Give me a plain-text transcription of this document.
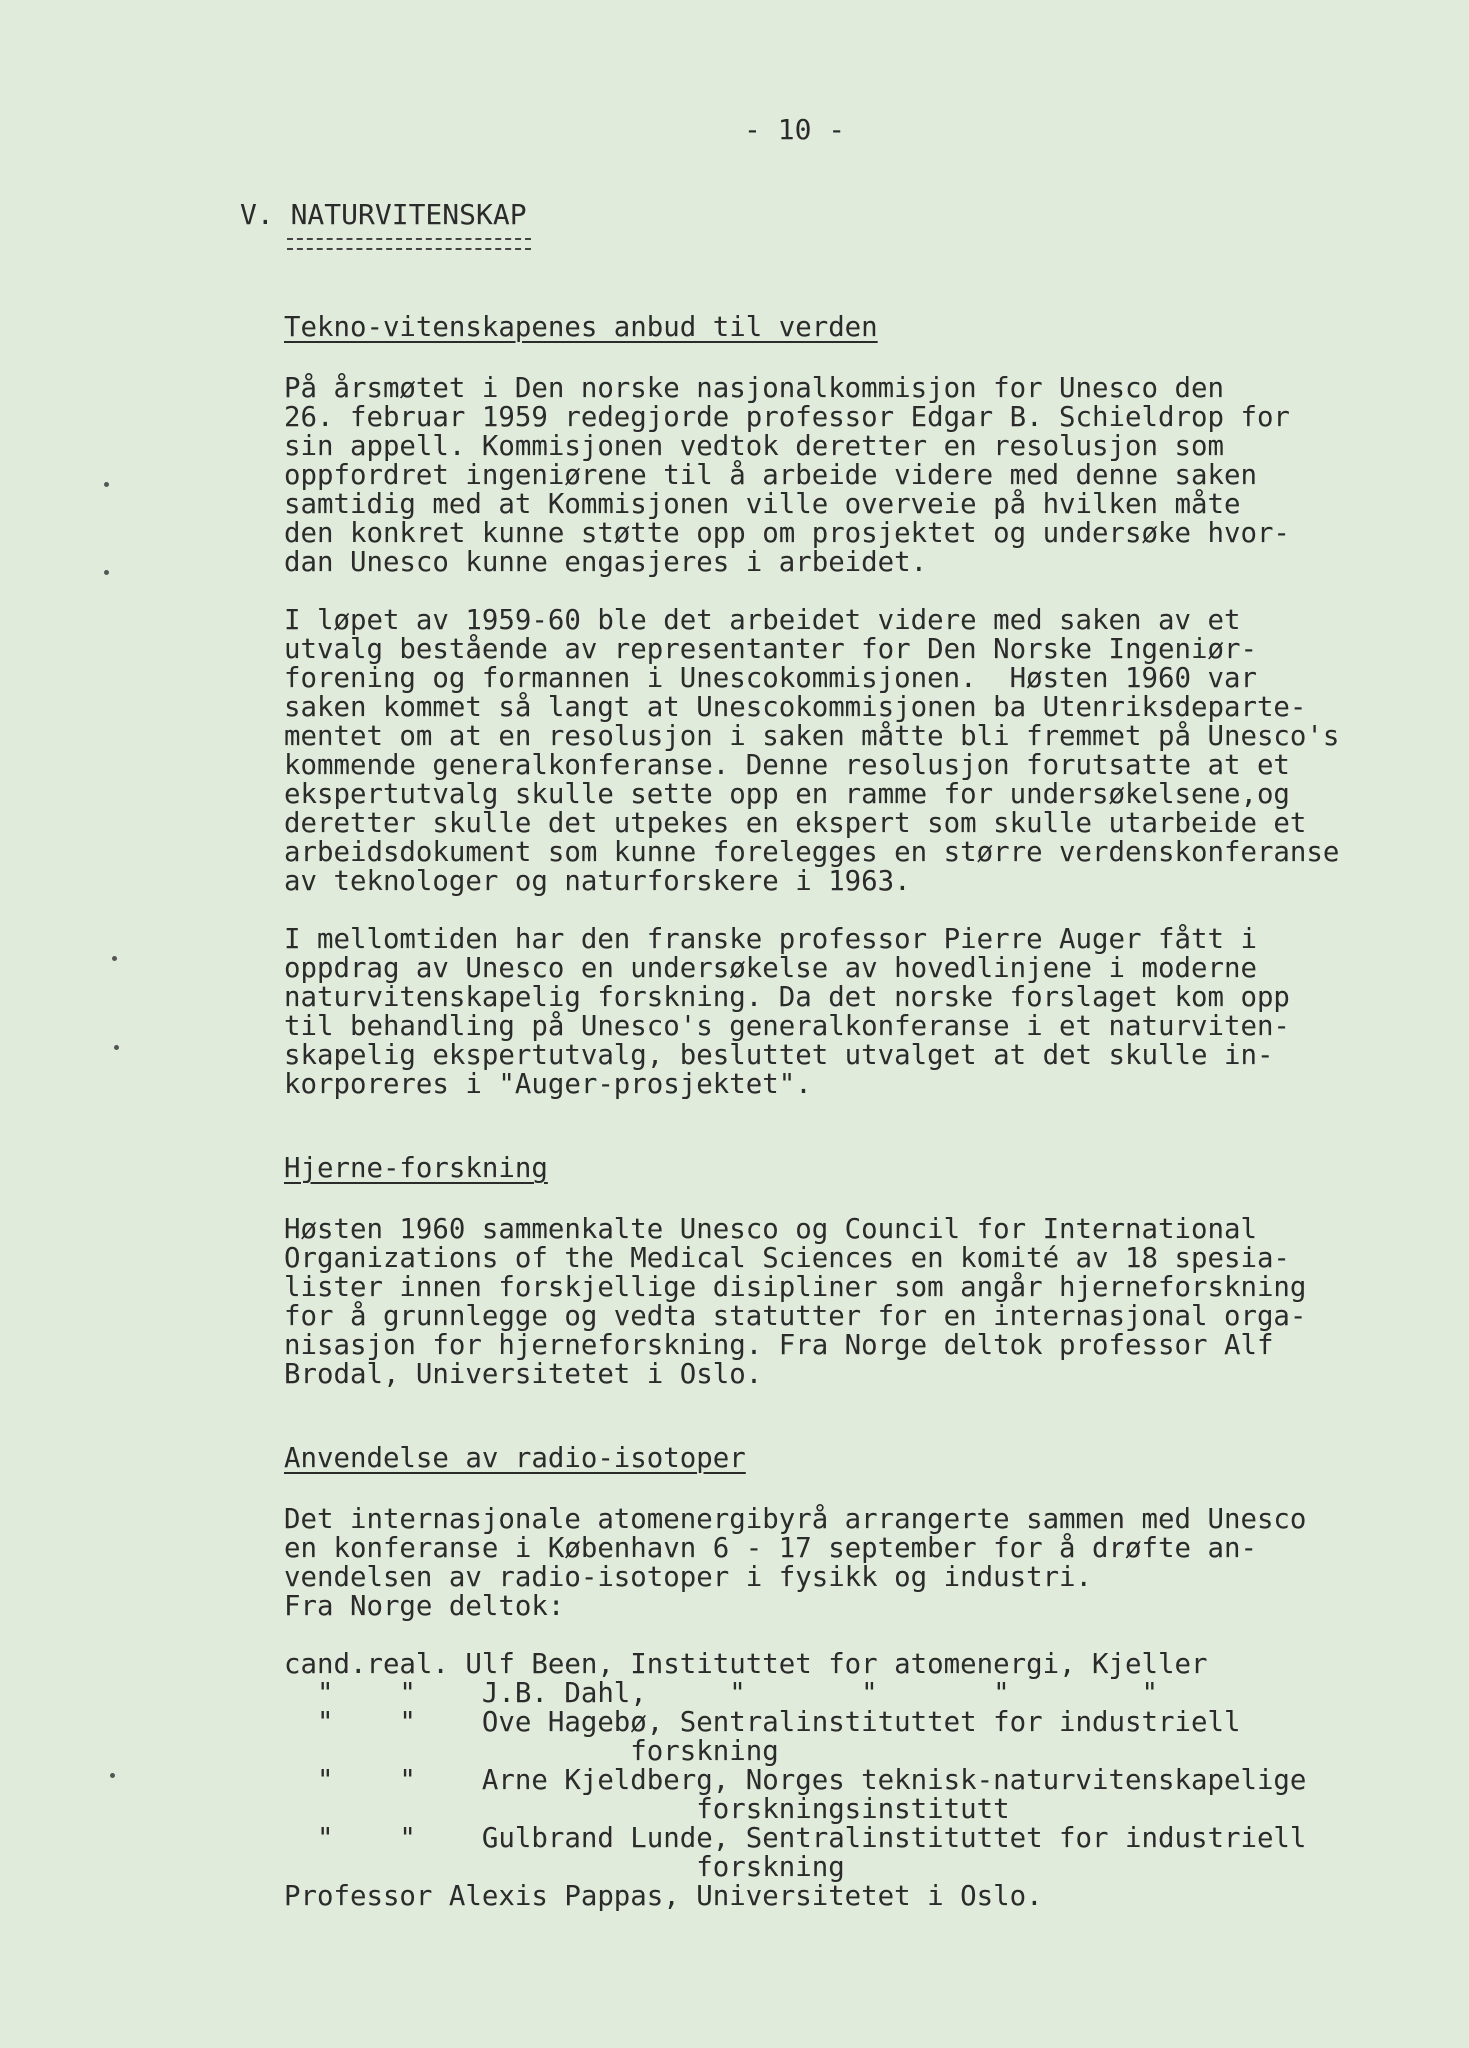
- 10 -
V. NATURVITENSKAP
Tekno-vitenskapenes anbud til verden
På årsmøtet i Den norske nasjonalkommisjon for Unesco den
26. februar 1959 redegjorde professor Edgar B. Schieldrop for
sin appell. Kommisjonen vedtok deretter en resolusjon som
oppfordret ingeniørene til å arbeide videre med denne saken
samtidig med at Kommisjonen ville overveie på hvilken måte
den konkret kunne støtte opp om prosjektet og undersøke hvor-
dan Unesco kunne engasjeres i arbeidet.
I løpet av 1959-60 ble det arbeidet videre med saken av et
utvalg bestående av representanter for Den Norske Ingeniør-
forening og formannen i Unescokommisjonen.  Høsten 1960 var
saken kommet så langt at Unescokommisjonen ba Utenriksdeparte-
mentet om at en resolusjon i saken måtte bli fremmet på Unesco's
kommende generalkonferanse. Denne resolusjon forutsatte at et
ekspertutvalg skulle sette opp en ramme for undersøkelsene,og
deretter skulle det utpekes en ekspert som skulle utarbeide et
arbeidsdokument som kunne forelegges en større verdenskonferanse
av teknologer og naturforskere i 1963.
I mellomtiden har den franske professor Pierre Auger fått i
oppdrag av Unesco en undersøkelse av hovedlinjene i moderne
naturvitenskapelig forskning. Da det norske forslaget kom opp
til behandling på Unesco's generalkonferanse i et naturviten-
skapelig ekspertutvalg, besluttet utvalget at det skulle in-
korporeres i "Auger-prosjektet".
Hjerne-forskning
Høsten 1960 sammenkalte Unesco og Council for International
Organizations of the Medical Sciences en komité av 18 spesia-
lister innen forskjellige disipliner som angår hjerneforskning
for å grunnlegge og vedta statutter for en internasjonal orga-
nisasjon for hjerneforskning. Fra Norge deltok professor Alf
Brodal, Universitetet i Oslo.
Anvendelse av radio-isotoper
Det internasjonale atomenergibyrå arrangerte sammen med Unesco
en konferanse i København 6 - 17 september for å drøfte an-
vendelsen av radio-isotoper i fysikk og industri.
Fra Norge deltok:
cand.real. Ulf Been, Instituttet for atomenergi, Kjeller
"    "    J.B. Dahl,     "       "       "        "
"    "    Ove Hagebø, Sentralinstituttet for industriell
forskning
"    "    Arne Kjeldberg, Norges teknisk-naturvitenskapelige
forskningsinstitutt
"    "    Gulbrand Lunde, Sentralinstituttet for industriell
forskning
Professor Alexis Pappas, Universitetet i Oslo.
